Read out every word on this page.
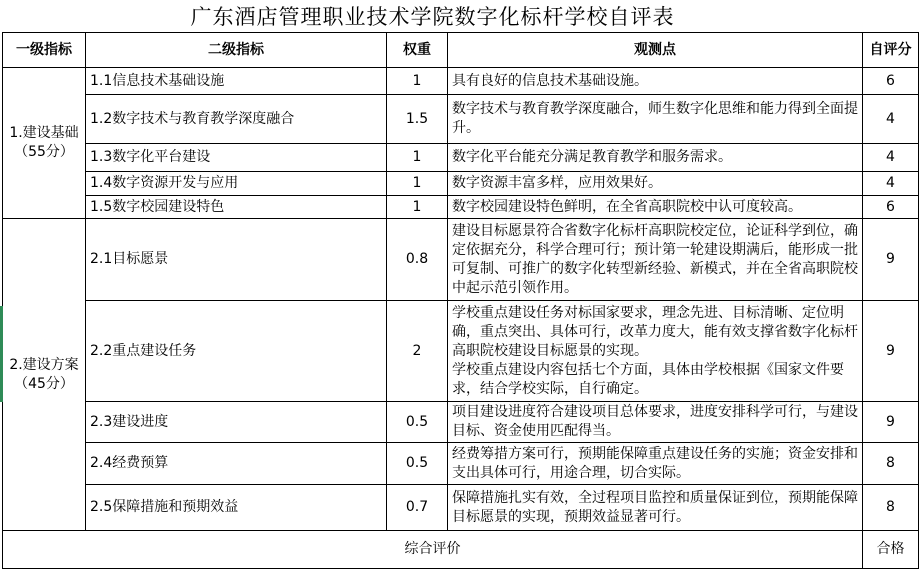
广东酒店管理职业技术学院数字化标杆学校自评表
一级指标	二级指标	权重	观测点	自评分

1.建设基础
（55分）	1.1信息技术基础设施	1	具有良好的信息技术基础设施。	6
	1.2数字技术与教育教学深度融合	1.5	数字技术与教育教学深度融合，师生数字化思维和能力得到全面提升。	4
	1.3数字化平台建设	1	数字化平台能充分满足教育教学和服务需求。	4
	1.4数字资源开发与应用	1	数字资源丰富多样，应用效果好。	4
	1.5数字校园建设特色	1	数字校园建设特色鲜明，在全省高职院校中认可度较高。	6

2.建设方案
（45分）	2.1目标愿景	0.8	建设目标愿景符合省数字化标杆高职院校定位，论证科学到位，确定依据充分，科学合理可行；预计第一轮建设期满后，能形成一批可复制、可推广的数字化转型新经验、新模式，并在全省高职院校中起示范引领作用。	9
	2.2重点建设任务	2	学校重点建设任务对标国家要求，理念先进、目标清晰、定位明确，重点突出、具体可行，改革力度大，能有效支撑省数字化标杆高职院校建设目标愿景的实现。
学校重点建设内容包括七个方面，具体由学校根据《国家文件要求，结合学校实际，自行确定。	9
	2.3建设进度	0.5	项目建设进度符合建设项目总体要求，进度安排科学可行，与建设目标、资金使用匹配得当。	9
	2.4经费预算	0.5	经费筹措方案可行，预期能保障重点建设任务的实施；资金安排和支出具体可行，用途合理，切合实际。	8
	2.5保障措施和预期效益	0.7	保障措施扎实有效，全过程项目监控和质量保证到位，预期能保障目标愿景的实现，预期效益显著可行。	8
综合评价				合格
